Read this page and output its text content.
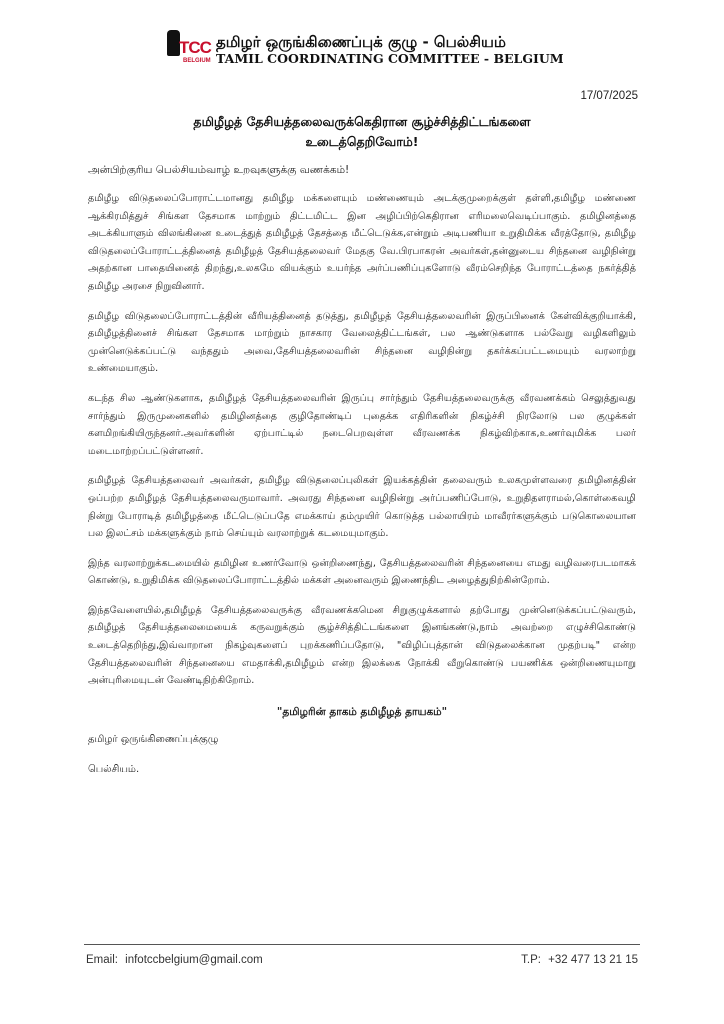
TCC
BELGIUM
தமிழர் ஒருங்கிணைப்புக் குழு - பெல்சியம்
TAMIL COORDINATING COMMITTEE - BELGIUM
17/07/2025
தமிழீழத் தேசியத்தலைவருக்கெதிரான சூழ்ச்சித்திட்டங்களை
உடைத்தெறிவோம்!

அன்பிற்குரிய பெல்சியம்வாழ் உறவுகளுக்கு வணக்கம்!

தமிழீழ விடுதலைப்போராட்டமானது தமிழீழ மக்களையும் மண்ணையும் அடக்குமுறைக்குள் தள்ளி,தமிழீழ மண்ணை ஆக்கிரமித்துச் சிங்கள தேசமாக மாற்றும் திட்டமிட்ட இன அழிப்பிற்கெதிரான எரிமலைவெடிப்பாகும். தமிழினத்தை அடக்கியாளும் விலங்கினை உடைத்துத் தமிழீழத் தேசத்தை மீட்டெடுக்க,என்றும் அடிபணியா உறுதிமிக்க வீரத்தோடு, தமிழீழ விடுதலைப்போராட்டத்தினைத் தமிழீழத் தேசியத்தலைவர் மேதகு வே.பிரபாகரன் அவர்கள்,தன்னுடைய சிந்தனை வழிநின்று அதற்கான பாதையினைத் திறந்து,உலகமே வியக்கும் உயர்ந்த அர்ப்பணிப்புகளோடு வீரம்செறிந்த போராட்டத்தை நகர்த்தித் தமிழீழ அரசை நிறுவினார்.

தமிழீழ விடுதலைப்போராட்டத்தின் வீரியத்தினைத் தடுத்து, தமிழீழத் தேசியத்தலைவரின் இருப்பினைக் கேள்விக்குறியாக்கி, தமிழீழத்தினைச் சிங்கள தேசமாக மாற்றும் நாசகார வேலைத்திட்டங்கள், பல ஆண்டுகளாக பல்வேறு வழிகளிலும் முன்னெடுக்கப்பட்டு வந்ததும் அவை,தேசியத்தலைவரின் சிந்தனை வழிநின்று தகர்க்கப்பட்டமையும் வரலாற்று உண்மையாகும்.

கடந்த சில ஆண்டுகளாக, தமிழீழத் தேசியத்தலைவரின் இருப்பு சார்ந்தும் தேசியத்தலைவருக்கு வீரவணக்கம் செலுத்துவது சார்ந்தும் இருமுனைகளில் தமிழினத்தை குழிதோண்டிப் புதைக்க எதிரிகளின் நிகழ்ச்சி நிரலோடு பல குழுக்கள் களமிறங்கியிருந்தனர்.அவர்களின் ஏற்பாட்டில் நடைபெறவுள்ள வீரவணக்க நிகழ்விற்காக,உணர்வுமிக்க பலர் மடைமாற்றப்பட்டுள்ளனர்.

தமிழீழத் தேசியத்தலைவர் அவர்கள், தமிழீழ விடுதலைப்புலிகள் இயக்கத்தின் தலைவரும் உலகமுள்ளவரை தமிழினத்தின் ஒப்பற்ற தமிழீழத் தேசியத்தலைவருமாவார். அவரது சிந்தனை வழிநின்று அர்ப்பணிப்போடு, உறுதிதளராமல்,கொள்கைவழி நின்று போராடித் தமிழீழத்தை மீட்டெடுப்பதே எமக்காய் தம்முயிர் கொடுத்த பல்லாயிரம் மாவீரர்களுக்கும் படுகொலையான பல இலட்சம் மக்களுக்கும் நாம் செய்யும் வரலாற்றுக் கடமையுமாகும்.

இந்த வரலாற்றுக்கடமையில் தமிழின உணர்வோடு ஒன்றிணைந்து, தேசியத்தலைவரின் சிந்தனையை எமது வழிவரைபடமாகக் கொண்டு, உறுதிமிக்க விடுதலைப்போராட்டத்தில் மக்கள் அனைவரும் இணைந்திட அழைத்துநிற்கின்றோம்.

இந்தவேளையில்,தமிழீழத் தேசியத்தலைவருக்கு வீரவணக்கமென சிறுகுழுக்களால் தற்போது முன்னெடுக்கப்பட்டுவரும், தமிழீழத் தேசியத்தலைமையைக் கருவறுக்கும் சூழ்ச்சித்திட்டங்களை இனங்கண்டு,நாம் அவற்றை எழுச்சிகொண்டு உடைத்தெறிந்து,இவ்வாறான நிகழ்வுகளைப் புறக்கணிப்பதோடு, "விழிப்புத்தான் விடுதலைக்கான முதற்படி" என்ற தேசியத்தலைவரின் சிந்தனையை எமதாக்கி,தமிழீழம் என்ற இலக்கை நோக்கி வீறுகொண்டு பயணிக்க ஒன்றிணையுமாறு அன்புரிமையுடன் வேண்டிநிற்கிறோம்.

"தமிழரின் தாகம் தமிழீழத் தாயகம்"
தமிழர் ஒருங்கிணைப்புக்குழு
பெல்சியம்.
Email: infotccbelgium@gmail.com	T.P: +32 477 13 21 15
